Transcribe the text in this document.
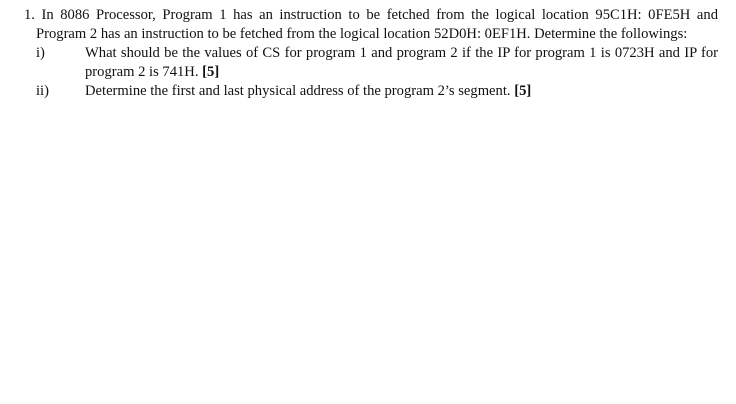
1. In 8086 Processor, Program 1 has an instruction to be fetched from the logical location 95C1H: 0FE5H and Program 2 has an instruction to be fetched from the logical location 52D0H: 0EF1H. Determine the followings:

i)	What should be the values of CS for program 1 and program 2 if the IP for program 1 is 0723H and IP for program 2 is 741H. [5]
ii)	Determine the first and last physical address of the program 2’s segment. [5]
